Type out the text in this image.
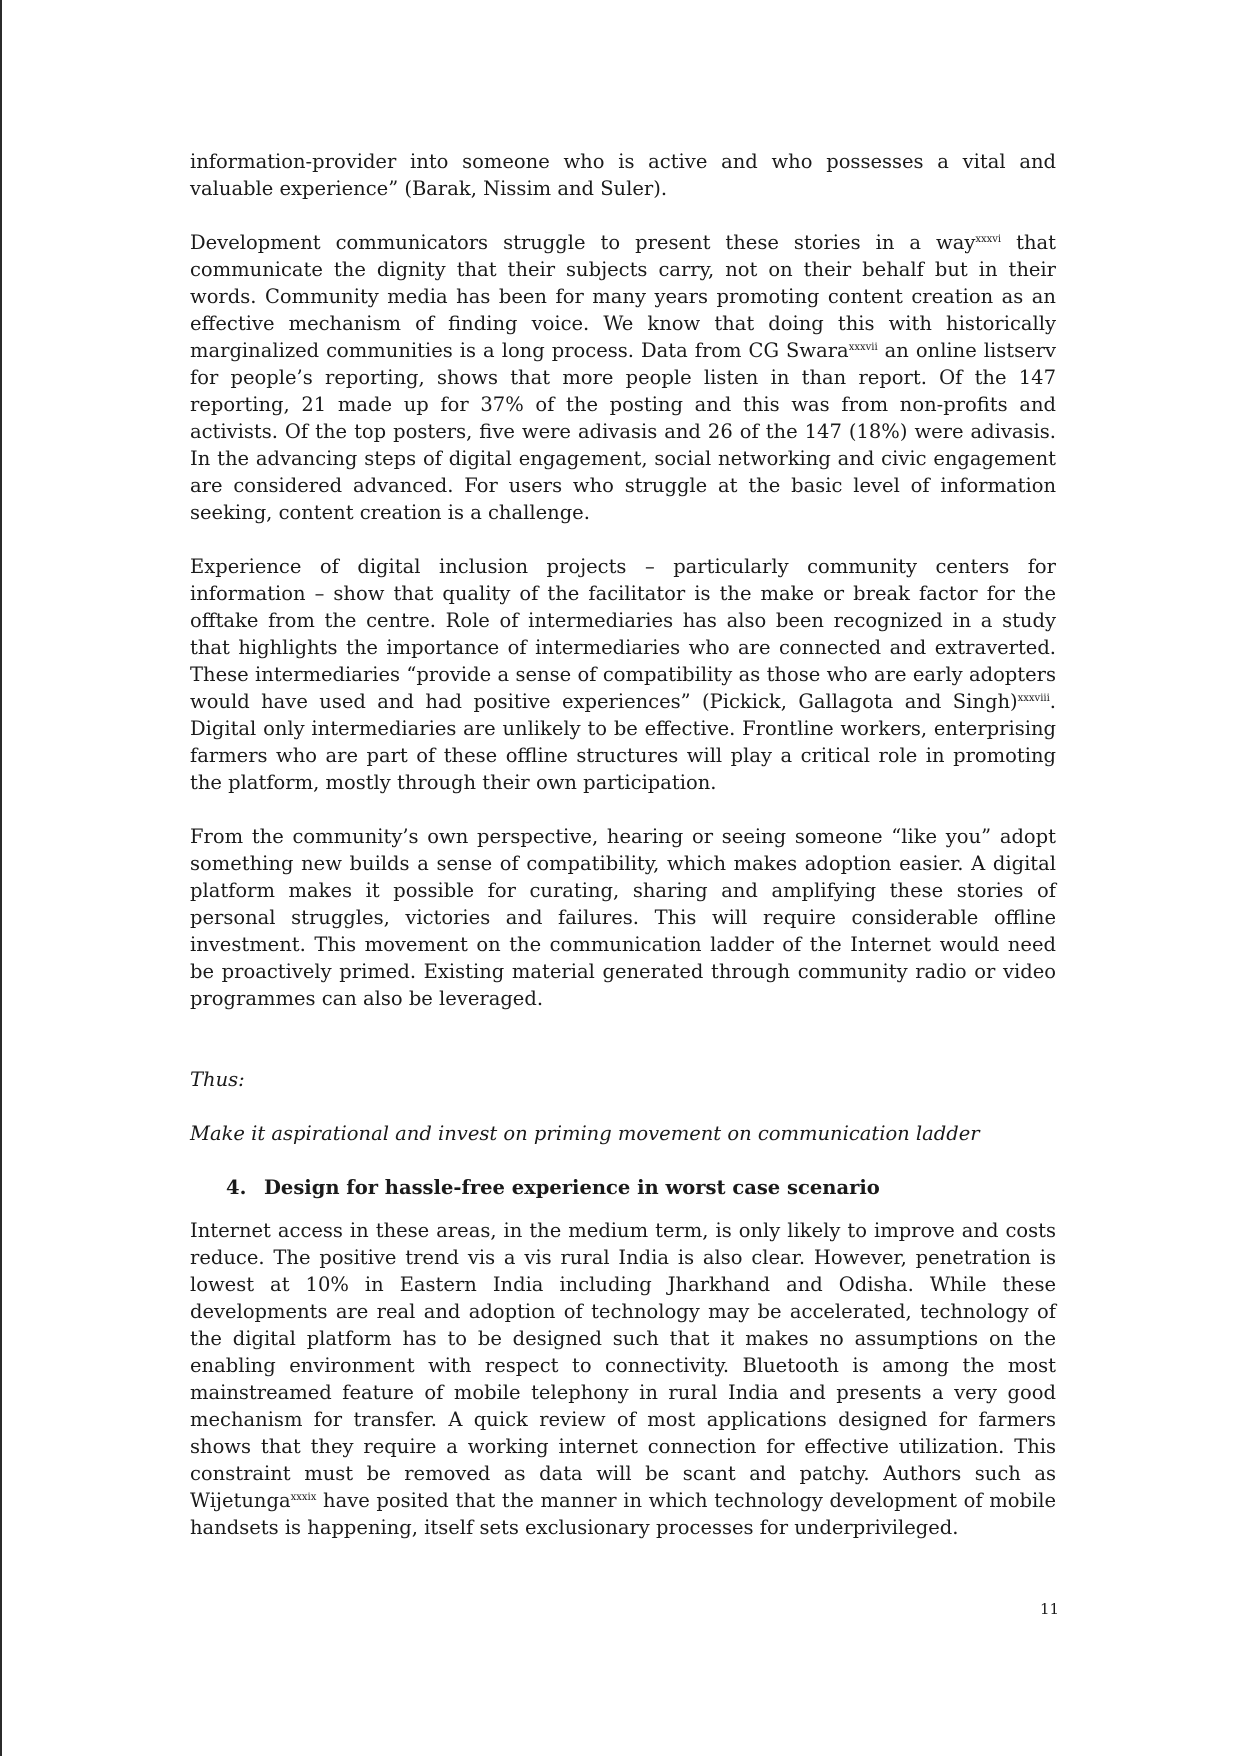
information-provider into someone who is active and who possesses a vital and valuable experience” (Barak, Nissim and Suler).

Development communicators struggle to present these stories in a way$^{xxxvi}$ that communicate the dignity that their subjects carry, not on their behalf but in their words. Community media has been for many years promoting content creation as an effective mechanism of finding voice. We know that doing this with historically marginalized communities is a long process. Data from CG Swara$^{xxxvii}$ an online listserv for people’s reporting, shows that more people listen in than report. Of the 147 reporting, 21 made up for 37% of the posting and this was from non-profits and activists. Of the top posters, five were adivasis and 26 of the 147 (18%) were adivasis. In the advancing steps of digital engagement, social networking and civic engagement are considered advanced. For users who struggle at the basic level of information seeking, content creation is a challenge.

Experience of digital inclusion projects – particularly community centers for information – show that quality of the facilitator is the make or break factor for the offtake from the centre. Role of intermediaries has also been recognized in a study that highlights the importance of intermediaries who are connected and extraverted. These intermediaries “provide a sense of compatibility as those who are early adopters would have used and had positive experiences” (Pickick, Gallagota and Singh)$^{xxxviii}$. Digital only intermediaries are unlikely to be effective. Frontline workers, enterprising farmers who are part of these offline structures will play a critical role in promoting the platform, mostly through their own participation.

From the community’s own perspective, hearing or seeing someone “like you” adopt something new builds a sense of compatibility, which makes adoption easier. A digital platform makes it possible for curating, sharing and amplifying these stories of personal struggles, victories and failures. This will require considerable offline investment. This movement on the communication ladder of the Internet would need be proactively primed. Existing material generated through community radio or video programmes can also be leveraged.

Thus:

Make it aspirational and invest on priming movement on communication ladder

4. Design for hassle-free experience in worst case scenario

Internet access in these areas, in the medium term, is only likely to improve and costs reduce. The positive trend vis a vis rural India is also clear. However, penetration is lowest at 10% in Eastern India including Jharkhand and Odisha. While these developments are real and adoption of technology may be accelerated, technology of the digital platform has to be designed such that it makes no assumptions on the enabling environment with respect to connectivity. Bluetooth is among the most mainstreamed feature of mobile telephony in rural India and presents a very good mechanism for transfer. A quick review of most applications designed for farmers shows that they require a working internet connection for effective utilization. This constraint must be removed as data will be scant and patchy. Authors such as Wijetunga$^{xxxix}$ have posited that the manner in which technology development of mobile handsets is happening, itself sets exclusionary processes for underprivileged.

11
